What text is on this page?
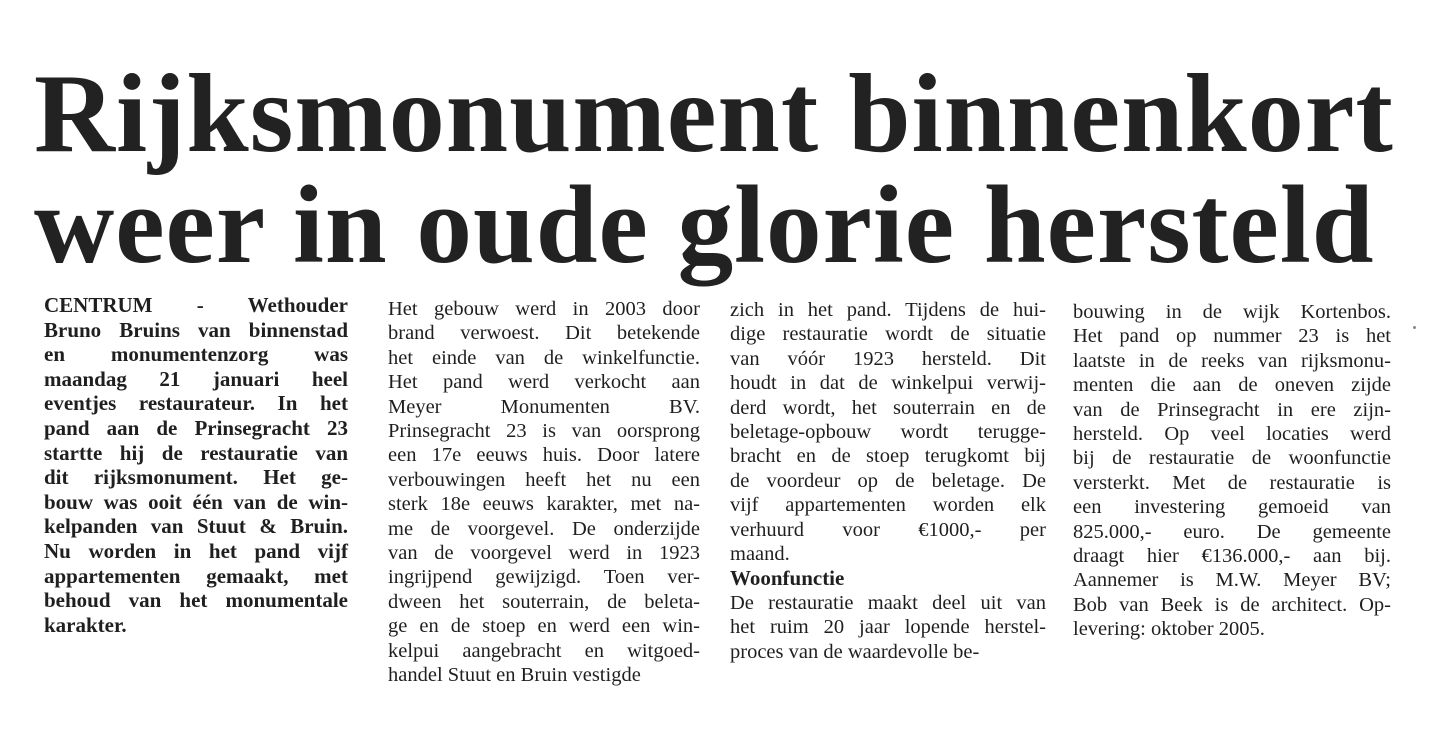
Rijksmonument binnenkort
weer in oude glorie hersteld
CENTRUM - Wethouder
Bruno Bruins van binnenstad
en monumentenzorg was
maandag 21 januari heel
eventjes restaurateur. In het
pand aan de Prinsegracht 23
startte hij de restauratie van
dit rijksmonument. Het ge-
bouw was ooit één van de win-
kelpanden van Stuut & Bruin.
Nu worden in het pand vijf
appartementen gemaakt, met
behoud van het monumentale
karakter.
Het gebouw werd in 2003 door
brand verwoest. Dit betekende
het einde van de winkelfunctie.
Het pand werd verkocht aan
Meyer Monumenten BV.
Prinsegracht 23 is van oorsprong
een 17e eeuws huis. Door latere
verbouwingen heeft het nu een
sterk 18e eeuws karakter, met na-
me de voorgevel. De onderzijde
van de voorgevel werd in 1923
ingrijpend gewijzigd. Toen ver-
dween het souterrain, de beleta-
ge en de stoep en werd een win-
kelpui aangebracht en witgoed-
handel Stuut en Bruin vestigde
zich in het pand. Tijdens de hui-
dige restauratie wordt de situatie
van vóór 1923 hersteld. Dit
houdt in dat de winkelpui verwij-
derd wordt, het souterrain en de
beletage-opbouw wordt terugge-
bracht en de stoep terugkomt bij
de voordeur op de beletage. De
vijf appartementen worden elk
verhuurd voor €1000,- per
maand.
Woonfunctie
De restauratie maakt deel uit van
het ruim 20 jaar lopende herstel-
proces van de waardevolle be-
bouwing in de wijk Kortenbos.
Het pand op nummer 23 is het
laatste in de reeks van rijksmonu-
menten die aan de oneven zijde
van de Prinsegracht in ere zijn-
hersteld. Op veel locaties werd
bij de restauratie de woonfunctie
versterkt. Met de restauratie is
een investering gemoeid van
825.000,- euro. De gemeente
draagt hier €136.000,- aan bij.
Aannemer is M.W. Meyer BV;
Bob van Beek is de architect. Op-
levering: oktober 2005.
